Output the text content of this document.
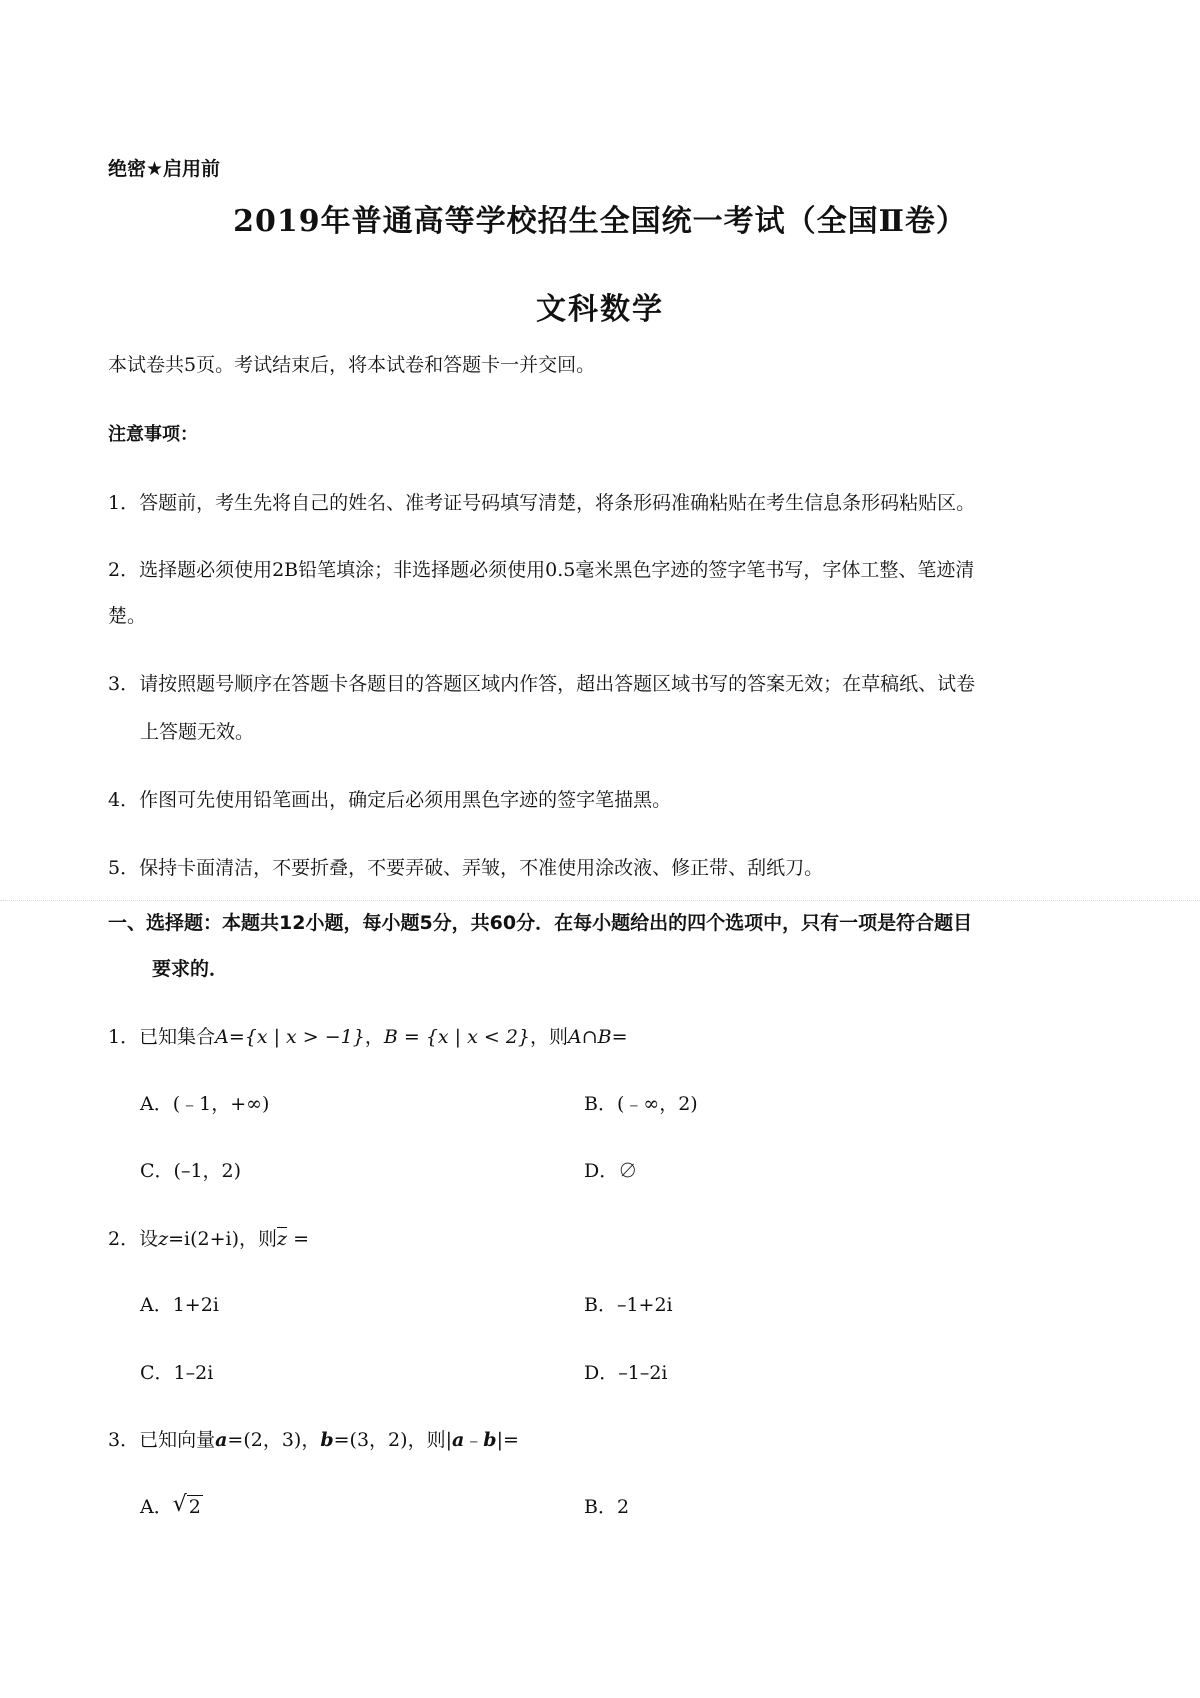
绝密★启用前
2019年普通高等学校招生全国统一考试（全国Ⅱ卷）
文科数学
本试卷共5页。考试结束后，将本试卷和答题卡一并交回。
注意事项：
1．答题前，考生先将自己的姓名、准考证号码填写清楚，将条形码准确粘贴在考生信息条形码粘贴区。
2．选择题必须使用2B铅笔填涂；非选择题必须使用0.5毫米黑色字迹的签字笔书写，字体工整、笔迹清
楚。
3．请按照题号顺序在答题卡各题目的答题区域内作答，超出答题区域书写的答案无效；在草稿纸、试卷
上答题无效。
4．作图可先使用铅笔画出，确定后必须用黑色字迹的签字笔描黑。
5．保持卡面清洁，不要折叠，不要弄破、弄皱，不准使用涂改液、修正带、刮纸刀。
一、选择题：本题共12小题，每小题5分，共60分．在每小题给出的四个选项中，只有一项是符合题目
要求的．
1．已知集合A={x | x > −1}，B = {x | x < 2}，则A∩B=
A．(﹣1，+∞)	B．(﹣∞，2)
C．(–1，2)	D．∅
2．设z=i(2+i)，则$\overline{z}$ =
A．1+2i	B．–1+2i
C．1–2i	D．–1–2i
3．已知向量a=(2，3)，b=(3，2)，则|a﹣b|=
A． √ 2	B．2
